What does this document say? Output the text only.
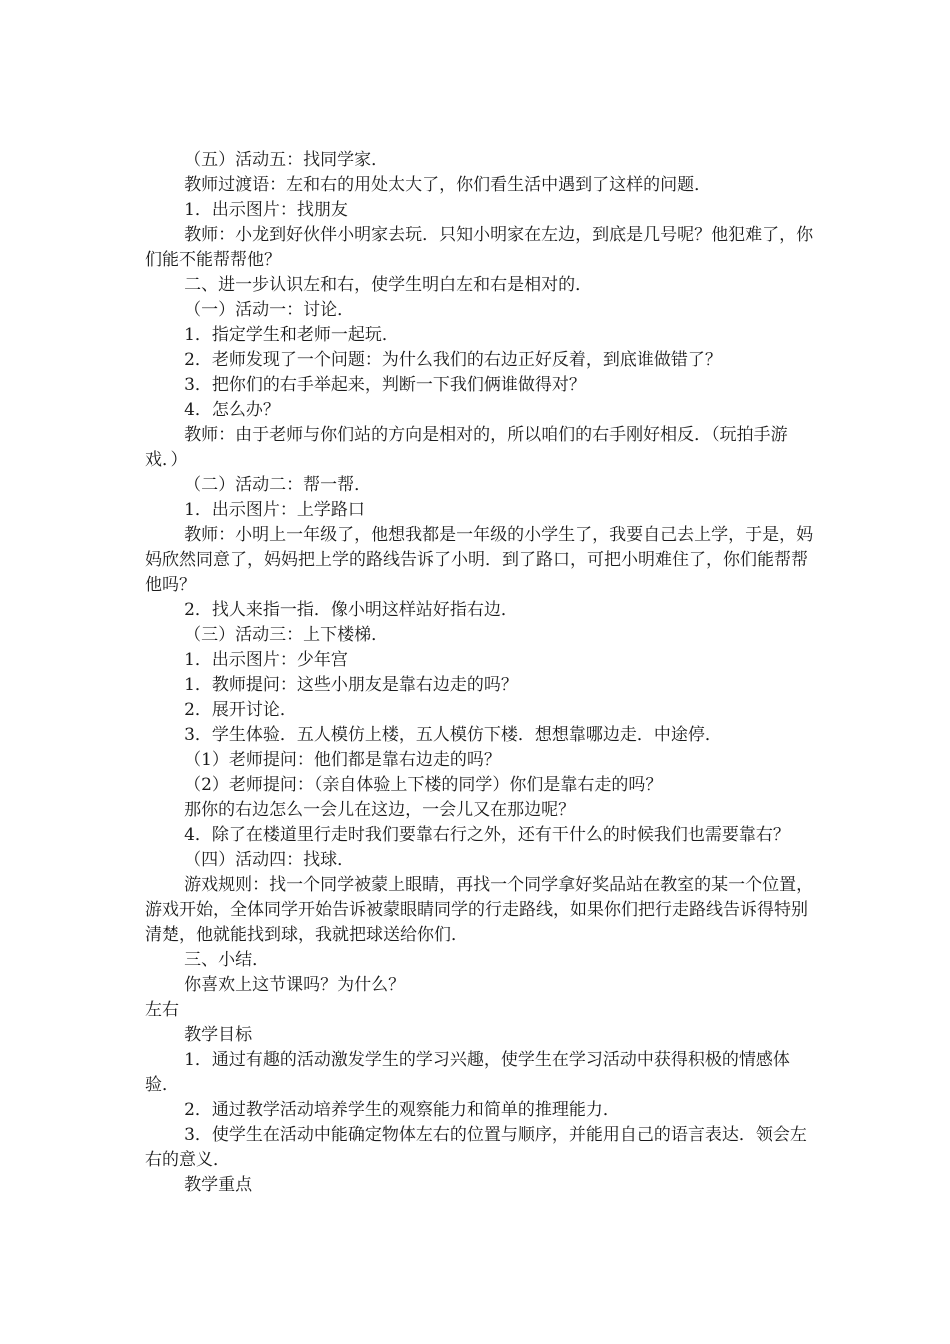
（五）活动五：找同学家．

教师过渡语：左和右的用处太大了，你们看生活中遇到了这样的问题．

1．出示图片：找朋友

教师：小龙到好伙伴小明家去玩．只知小明家在左边，到底是几号呢？他犯难了，你们能不能帮帮他？

二、进一步认识左和右，使学生明白左和右是相对的．

（一）活动一：讨论．

1．指定学生和老师一起玩．

2．老师发现了一个问题：为什么我们的右边正好反着，到底谁做错了？

3．把你们的右手举起来，判断一下我们俩谁做得对？

4．怎么办？

教师：由于老师与你们站的方向是相对的，所以咱们的右手刚好相反．（玩拍手游戏．）

（二）活动二：帮一帮．

1．出示图片：上学路口

教师：小明上一年级了，他想我都是一年级的小学生了，我要自己去上学，于是，妈妈欣然同意了，妈妈把上学的路线告诉了小明．到了路口，可把小明难住了，你们能帮帮他吗？

2．找人来指一指．像小明这样站好指右边．

（三）活动三：上下楼梯．

1．出示图片：少年宫

1．教师提问：这些小朋友是靠右边走的吗？

2．展开讨论．

3．学生体验．五人模仿上楼，五人模仿下楼．想想靠哪边走．中途停．

（1）老师提问：他们都是靠右边走的吗？

（2）老师提问：（亲自体验上下楼的同学）你们是靠右走的吗？

那你的右边怎么一会儿在这边，一会儿又在那边呢？

4．除了在楼道里行走时我们要靠右行之外，还有干什么的时候我们也需要靠右？

（四）活动四：找球．

游戏规则：找一个同学被蒙上眼睛，再找一个同学拿好奖品站在教室的某一个位置，游戏开始，全体同学开始告诉被蒙眼睛同学的行走路线，如果你们把行走路线告诉得特别清楚，他就能找到球，我就把球送给你们．

三、小结．

你喜欢上这节课吗？为什么？

左右

教学目标

1．通过有趣的活动激发学生的学习兴趣，使学生在学习活动中获得积极的情感体验．

2．通过教学活动培养学生的观察能力和简单的推理能力．

3．使学生在活动中能确定物体左右的位置与顺序，并能用自己的语言表达．领会左右的意义．

教学重点
